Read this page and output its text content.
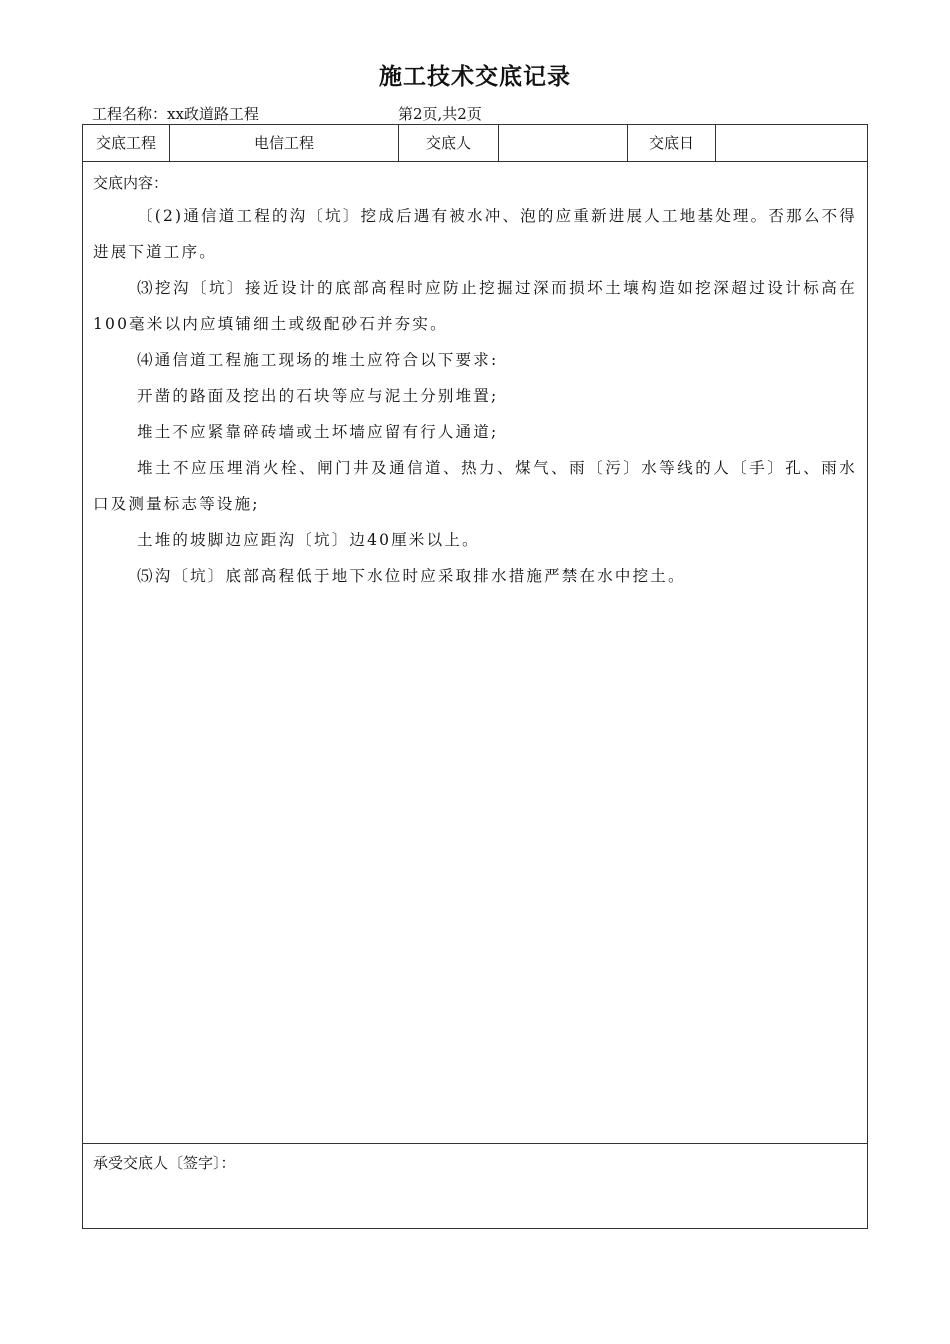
施工技术交底记录
工程名称：xx政道路工程	第2页,共2页
交底工程	电信工程	交底人	交底日
交底内容：

〔(2)通信道工程的沟〔坑〕挖成后遇有被水冲、泡的应重新进展人工地基处理。否那么不得进展下道工序。

⑶挖沟〔坑〕接近设计的底部高程时应防止挖掘过深而损坏土壤构造如挖深超过设计标高在100毫米以内应填铺细土或级配砂石并夯实。

⑷通信道工程施工现场的堆土应符合以下要求:

开凿的路面及挖出的石块等应与泥土分别堆置;

堆土不应紧靠碎砖墙或土坏墙应留有行人通道;

堆土不应压埋消火栓、闸门井及通信道、热力、煤气、雨〔污〕水等线的人〔手〕孔、雨水口及测量标志等设施;

土堆的坡脚边应距沟〔坑〕边40厘米以上。

⑸沟〔坑〕底部高程低于地下水位时应采取排水措施严禁在水中挖土。

承受交底人〔签字〕：
